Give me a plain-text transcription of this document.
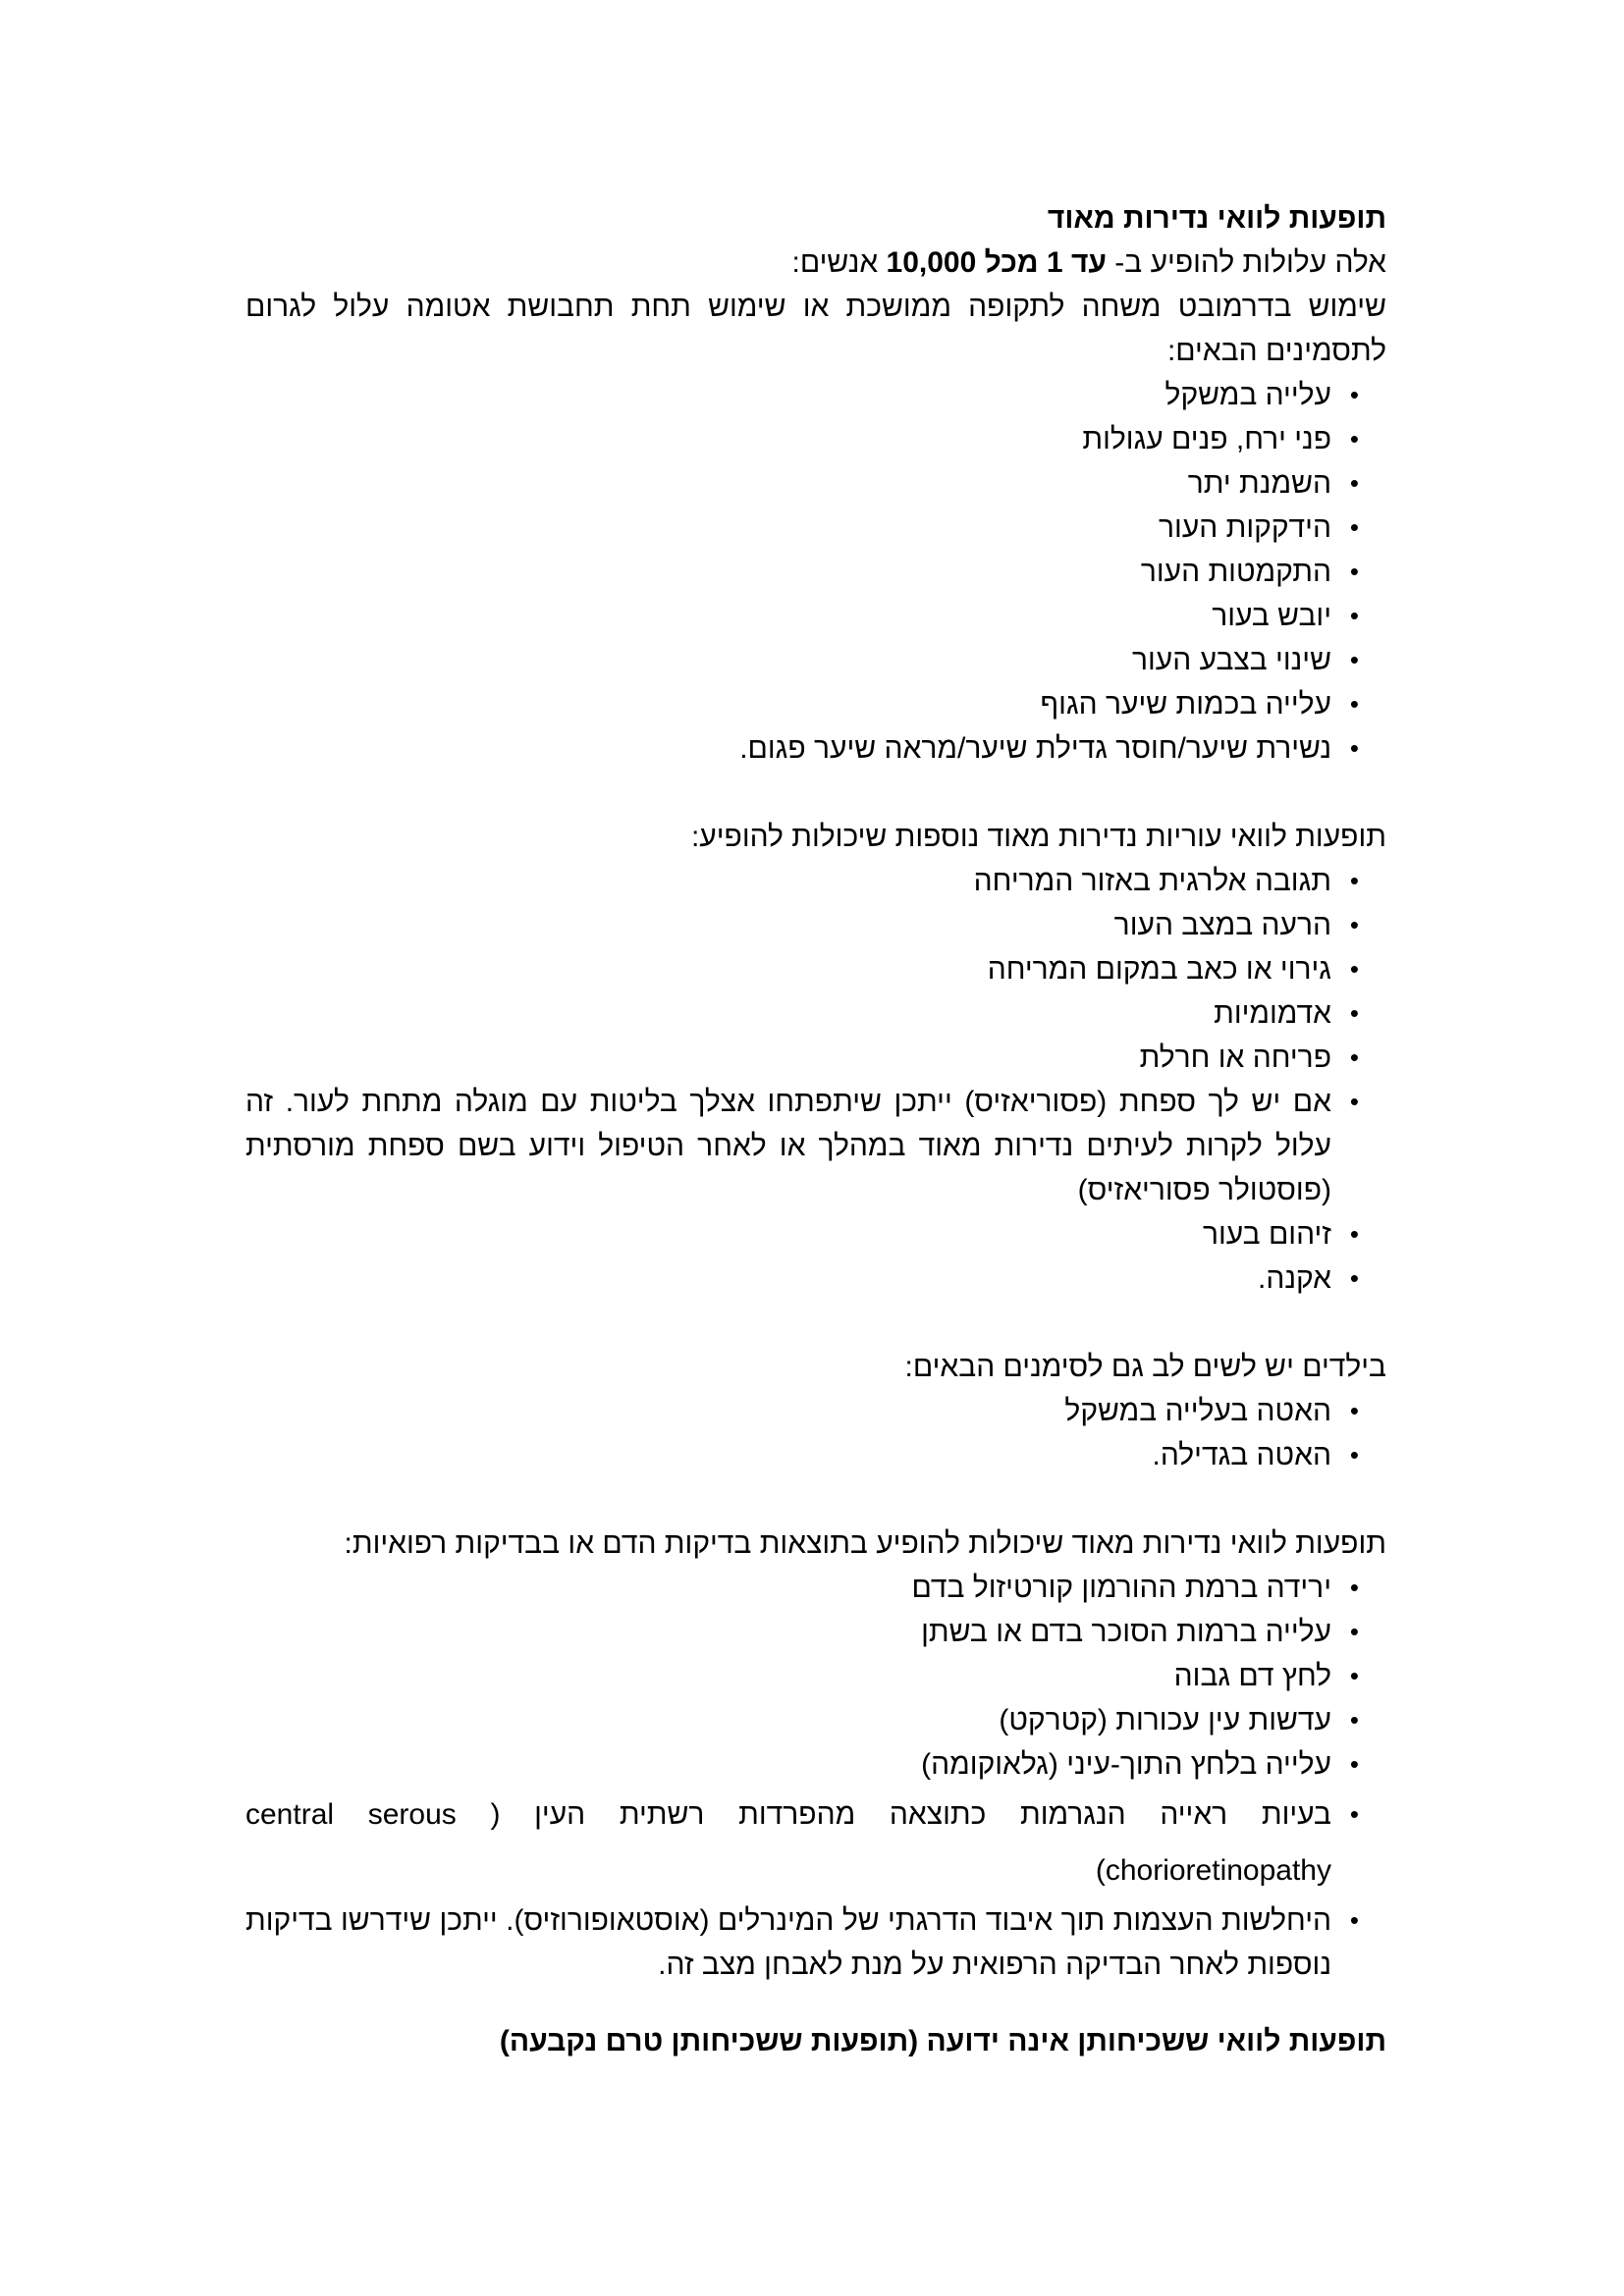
תופעות לוואי נדירות מאוד

אלה עלולות להופיע ב- עד 1 מכל 10,000 אנשים:

שימוש בדרמובט משחה לתקופה ממושכת או שימוש תחת תחבושת אטומה עלול לגרום לתסמינים הבאים:

• עלייה במשקל
• פני ירח, פנים עגולות
• השמנת יתר
• הידקקות העור
• התקמטות העור
• יובש בעור
• שינוי בצבע העור
• עלייה בכמות שיער הגוף
• נשירת שיער/חוסר גדילת שיער/מראה שיער פגום.

תופעות לוואי עוריות נדירות מאוד נוספות שיכולות להופיע:

• תגובה אלרגית באזור המריחה
• הרעה במצב העור
• גירוי או כאב במקום המריחה
• אדמומיות
• פריחה או חרלת
• אם יש לך ספחת (פסוריאזיס) ייתכן שיתפתחו אצלך בליטות עם מוגלה מתחת לעור. זה עלול לקרות לעיתים נדירות מאוד במהלך או לאחר הטיפול וידוע בשם ספחת מורסתית (פוסטולר פסוריאזיס)
• זיהום בעור
• אקנה.

בילדים יש לשים לב גם לסימנים הבאים:

• האטה בעלייה במשקל
• האטה בגדילה.

תופעות לוואי נדירות מאוד שיכולות להופיע בתוצאות בדיקות הדם או בבדיקות רפואיות:

• ירידה ברמת ההורמון קורטיזול בדם
• עלייה ברמות הסוכר בדם או בשתן
• לחץ דם גבוה
• עדשות עין עכורות (קטרקט)
• עלייה בלחץ התוך-עיני (גלאוקומה)
• בעיות ראייה הנגרמות כתוצאה מהפרדות רשתית העין ( central serous chorioretinopathy)
• היחלשות העצמות תוך איבוד הדרגתי של המינרלים (אוסטאופורוזיס). ייתכן שידרשו בדיקות נוספות לאחר הבדיקה הרפואית על מנת לאבחן מצב זה.

תופעות לוואי ששכיחותן אינה ידועה (תופעות ששכיחותן טרם נקבעה)
